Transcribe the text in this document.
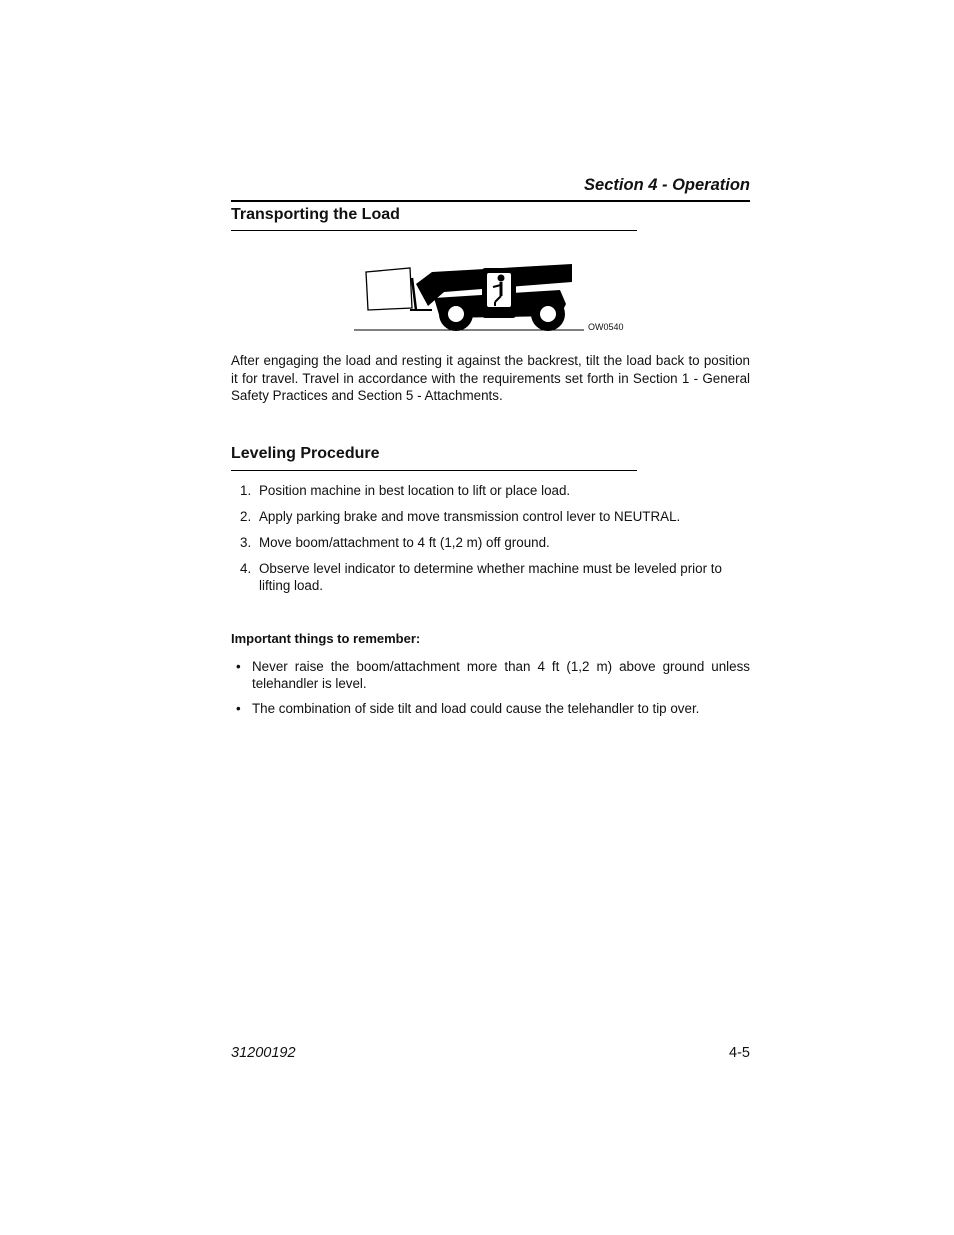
Section 4 - Operation
Transporting the Load
OW0540
After engaging the load and resting it against the backrest, tilt the load back to position it for travel. Travel in accordance with the requirements set forth in Section 1 - General Safety Practices and Section 5 - Attachments.
Leveling Procedure
1. Position machine in best location to lift or place load.
2. Apply parking brake and move transmission control lever to NEUTRAL.
3. Move boom/attachment to 4 ft (1,2 m) off ground.
4. Observe level indicator to determine whether machine must be leveled prior to lifting load.
Important things to remember:
• Never raise the boom/attachment more than 4 ft (1,2 m) above ground unless telehandler is level.
• The combination of side tilt and load could cause the telehandler to tip over.
31200192	4-5
